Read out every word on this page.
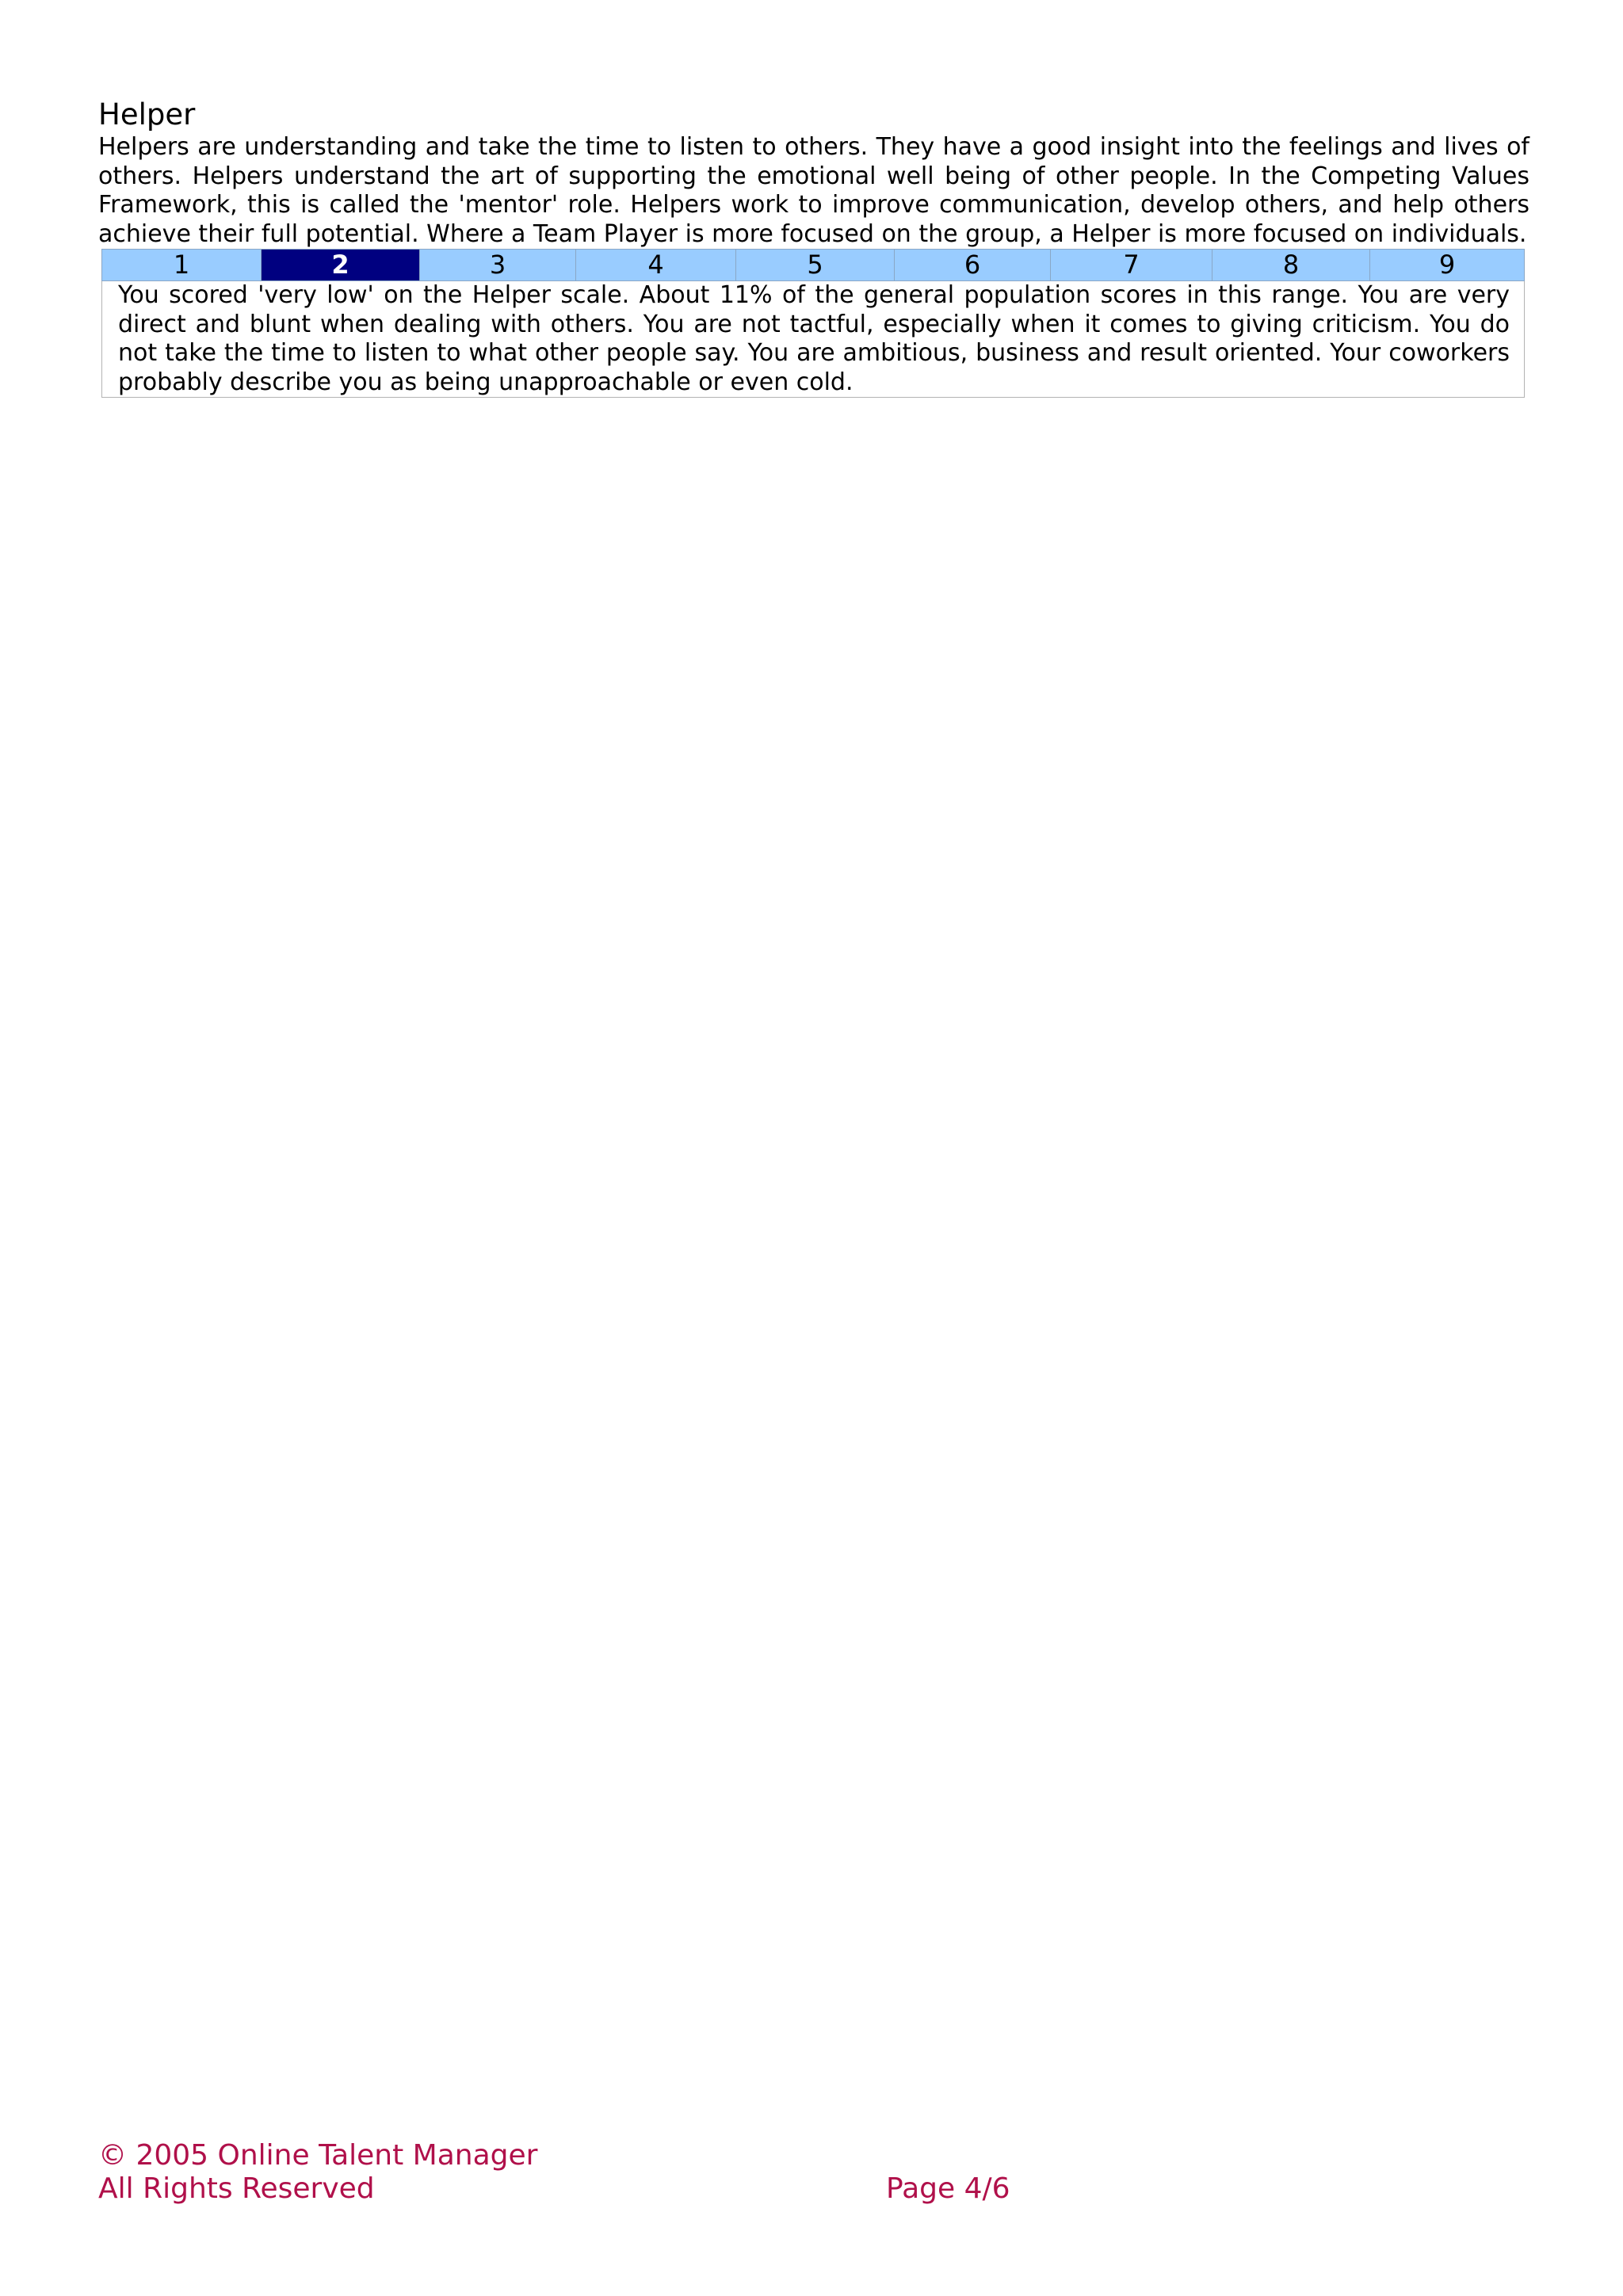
Helper

Helpers are understanding and take the time to listen to others. They have a good insight into the feelings and lives of others. Helpers understand the art of supporting the emotional well being of other people. In the Competing Values Framework, this is called the 'mentor' role. Helpers work to improve communication, develop others, and help others achieve their full potential. Where a Team Player is more focused on the group, a Helper is more focused on individuals.

1	2	3	4	5	6	7	8	9
You scored 'very low' on the Helper scale. About 11% of the general population scores in this range. You are very direct and blunt when dealing with others. You are not tactful, especially when it comes to giving criticism. You do not take the time to listen to what other people say. You are ambitious, business and result oriented. Your coworkers probably describe you as being unapproachable or even cold.
© 2005 Online Talent Manager
All Rights Reserved	Page 4/6
